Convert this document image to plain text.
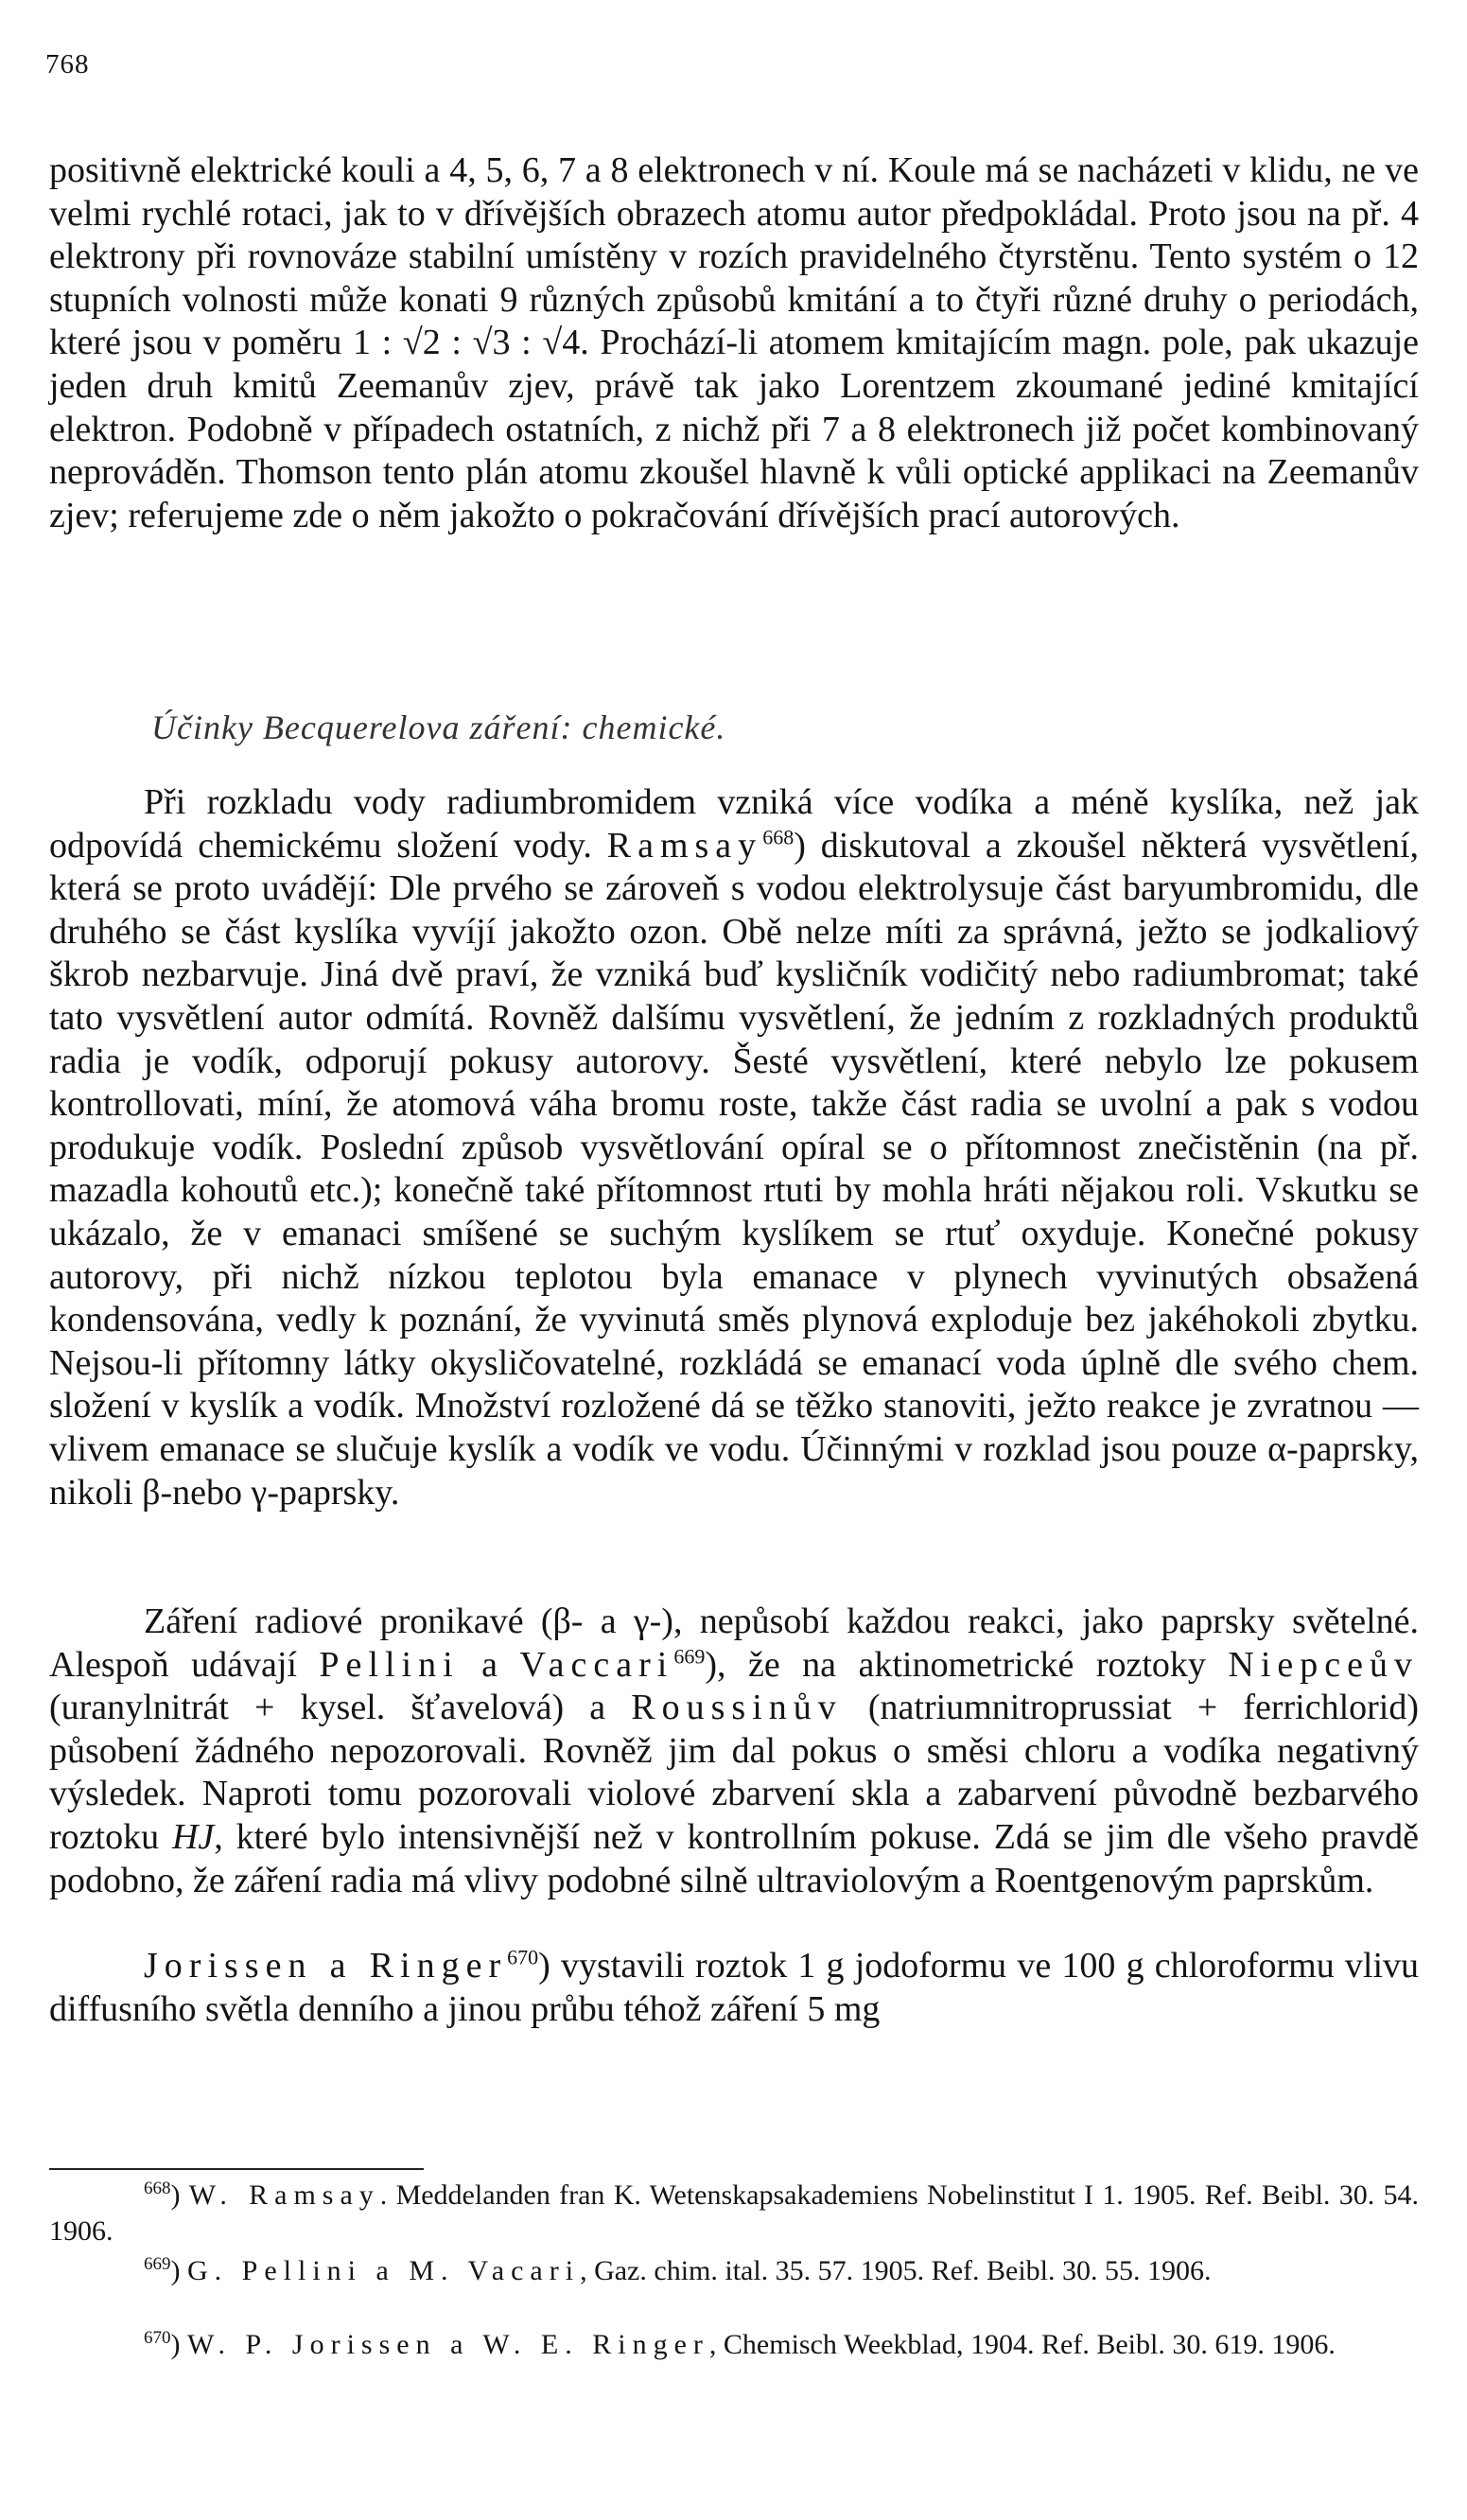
768

positivně elektrické kouli a 4, 5, 6, 7 a 8 elektronech v ní. Koule má se nacházeti v klidu, ne ve velmi rychlé rotaci, jak to v dřívějších obrazech atomu autor předpokládal. Proto jsou na př. 4 elektrony při rovnováze stabilní umístěny v rozích pravidelného čtyrstěnu. Tento systém o 12 stupních volnosti může konati 9 různých způsobů kmitání a to čtyři různé druhy o periodách, které jsou v poměru 1 : √2 : √3 : √4. Prochází-li atomem kmitajícím magn. pole, pak ukazuje jeden druh kmitů Zeemanův zjev, právě tak jako Lorentzem zkoumané jediné kmitající elektron. Podobně v případech ostatních, z nichž při 7 a 8 elektronech již počet kombinovaný neprováděn. Thomson tento plán atomu zkoušel hlavně k vůli optické applikaci na Zeemanův zjev; referujeme zde o něm jakožto o pokračování dřívějších prací autorových.

Účinky Becquerelova záření: chemické.

Při rozkladu vody radiumbromidem vzniká více vodíka a méně kyslíka, než jak odpovídá chemickému složení vody. Ramsay$^{668}$) diskutoval a zkoušel některá vysvětlení, která se proto uvádějí: Dle prvého se zároveň s vodou elektrolysuje část baryumbromidu, dle druhého se část kyslíka vyvíjí jakožto ozon. Obě nelze míti za správná, ježto se jodkaliový škrob nezbarvuje. Jiná dvě praví, že vzniká buď kysličník vodičitý nebo radiumbromat; také tato vysvětlení autor odmítá. Rovněž dalšímu vysvětlení, že jedním z rozkladných produktů radia je vodík, odporují pokusy autorovy. Šesté vysvětlení, které nebylo lze pokusem kontrollovati, míní, že atomová váha bromu roste, takže část radia se uvolní a pak s vodou produkuje vodík. Poslední způsob vysvětlování opíral se o přítomnost znečistěnin (na př. mazadla kohoutů etc.); konečně také přítomnost rtuti by mohla hráti nějakou roli. Vskutku se ukázalo, že v emanaci smíšené se suchým kyslíkem se rtuť oxyduje. Konečné pokusy autorovy, při nichž nízkou teplotou byla emanace v plynech vyvinutých obsažená kondensována, vedly k poznání, že vyvinutá směs plynová exploduje bez jakéhokoli zbytku. Nejsou-li přítomny látky okysličovatelné, rozkládá se emanací voda úplně dle svého chem. složení v kyslík a vodík. Množství rozložené dá se těžko stanoviti, ježto reakce je zvratnou — vlivem emanace se slučuje kyslík a vodík ve vodu. Účinnými v rozklad jsou pouze α-paprsky, nikoli β-nebo γ-paprsky.

Záření radiové pronikavé (β- a γ-), nepůsobí každou reakci, jako paprsky světelné. Alespoň udávají Pellini a Vaccari$^{669}$), že na aktinometrické roztoky Niepceův (uranylnitrát + kysel. šťavelová) a Roussinův (natriumnitroprussiat + ferrichlorid) působení žádného nepozorovali. Rovněž jim dal pokus o směsi chloru a vodíka negativný výsledek. Naproti tomu pozorovali violové zbarvení skla a zabarvení původně bezbarvého roztoku HJ, které bylo intensivnější než v kontrollním pokuse. Zdá se jim dle všeho pravdě podobno, že záření radia má vlivy podobné silně ultraviolovým a Roentgenovým paprskům.

Jorissen a Ringer$^{670}$) vystavili roztok 1 g jodoformu ve 100 g chloroformu vlivu diffusního světla denního a jinou průbu téhož záření 5 mg

$^{668}$) W. Ramsay. Meddelanden fran K. Wetenskapsakademiens Nobelinstitut I 1. 1905. Ref. Beibl. 30. 54. 1906.

$^{669}$) G. Pellini a M. Vacari, Gaz. chim. ital. 35. 57. 1905. Ref. Beibl. 30. 55. 1906.

$^{670}$) W. P. Jorissen a W. E. Ringer, Chemisch Weekblad, 1904. Ref. Beibl. 30. 619. 1906.
